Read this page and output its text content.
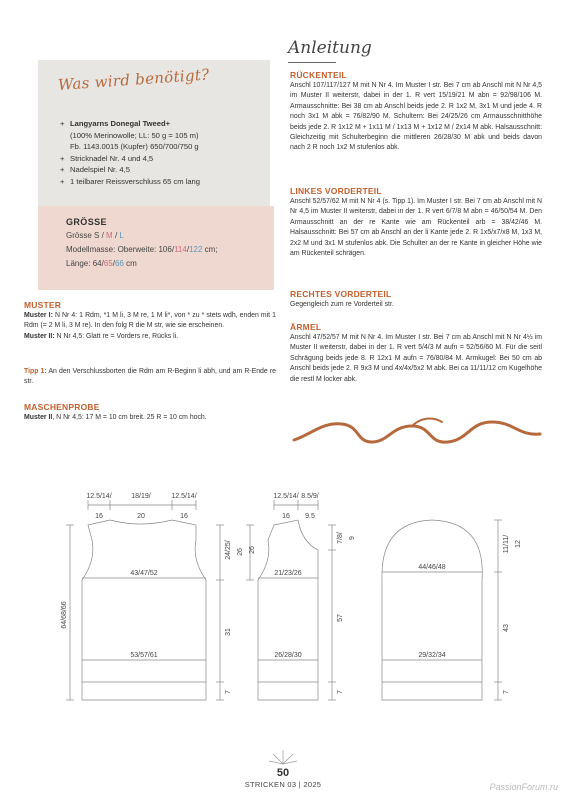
Was wird benötigt?
+ Langyarns Donegal Tweed+
(100% Merinowolle; LL: 50 g = 105 m)
Fb. 1143.0015 (Kupfer) 650/700/750 g
+ Stricknadel Nr. 4 und 4,5
+ Nadelspiel Nr. 4,5
+ 1 teilbarer Reissverschluss 65 cm lang
GRÖSSE
Grösse S / M / L
Modellmasse: Oberweite: 106/114/122 cm;
Länge: 64/65/66 cm
MUSTER
Muster I: N Nr 4: 1 Rdm, *1 M li, 3 M re, 1 M li*, von * zu * stets wdh, enden mit 1 Rdm (= 2 M li, 3 M re). In den folg R die M str, wie sie erscheinen.
Muster II: N Nr 4,5: Glatt re = Vorders re, Rücks li.
Tipp 1: An den Verschlussborten die Rdm am R-Beginn li abh, und am R-Ende re str.
MASCHENPROBE
Muster II, N Nr 4,5: 17 M = 10 cm breit. 25 R = 10 cm hoch.
Anleitung
RÜCKENTEIL
Anschl 107/117/127 M mit N Nr 4. Im Muster I str. Bei 7 cm ab Anschl mit N Nr 4,5 im Muster II weiterstr, dabei in der 1. R vert 15/19/21 M abn = 92/98/106 M. Armausschnitte: Bei 38 cm ab Anschl beids jede 2. R 1x2 M, 3x1 M und jede 4. R noch 3x1 M abk = 76/82/90 M. Schultern: Bei 24/25/26 cm Armausschnitthöhe beids jede 2. R 1x12 M + 1x11 M / 1x13 M + 1x12 M / 2x14 M abk. Halsausschnitt: Gleichzeitig mit Schulterbeginn die mittleren 26/28/30 M abk und beids davon nach 2 R noch 1x2 M stufenlos abk.
LINKES VORDERTEIL
Anschl 52/57/62 M mit N Nr 4 (s. Tipp 1). Im Muster I str. Bei 7 cm ab Anschl mit N Nr 4,5 im Muster II weiterstr, dabei in der 1. R vert 6/7/8 M abn = 46/50/54 M. Den Armausschnitt an der re Kante wie am Rückenteil arb = 38/42/46 M. Halsausschnitt: Bei 57 cm ab Anschl an der li Kante jede 2. R 1x5/x7/x8 M, 1x3 M, 2x2 M und 3x1 M stufenlos abk. Die Schulter an der re Kante in gleicher Höhe wie am Rückenteil schrägen.
RECHTES VORDERTEIL
Gegengleich zum re Vorderteil str.
ÄRMEL
Anschl 47/52/57 M mit N Nr 4. Im Muster I str. Bei 7 cm ab Anschl mit N Nr 4½ im Muster II weiterstr, dabei in der 1. R vert 5/4/3 M aufn = 52/56/60 M. Für die seitl Schrägung beids jede 8. R 12x1 M aufn = 76/80/84 M. Armkugel: Bei 50 cm ab Anschl beids jede 2. R 9x3 M und 4x/4x/5x2 M abk. Bei ca 11/11/12 cm Kugelhöhe die restl M locker abk.
12.5/14/	18/19/	12.5/14/
16	20	16
43/47/52
53/57/61
64/68/66
24/25/ 26
31
7
12.5/14/ 8.5/9/
16 9.5
21/23/26
26/28/30
7/8/ 9
57
7
26
44/46/48
29/32/34
11/11/ 12
43
7
50
STRICKEN 03 | 2025	PassionForum.ru
